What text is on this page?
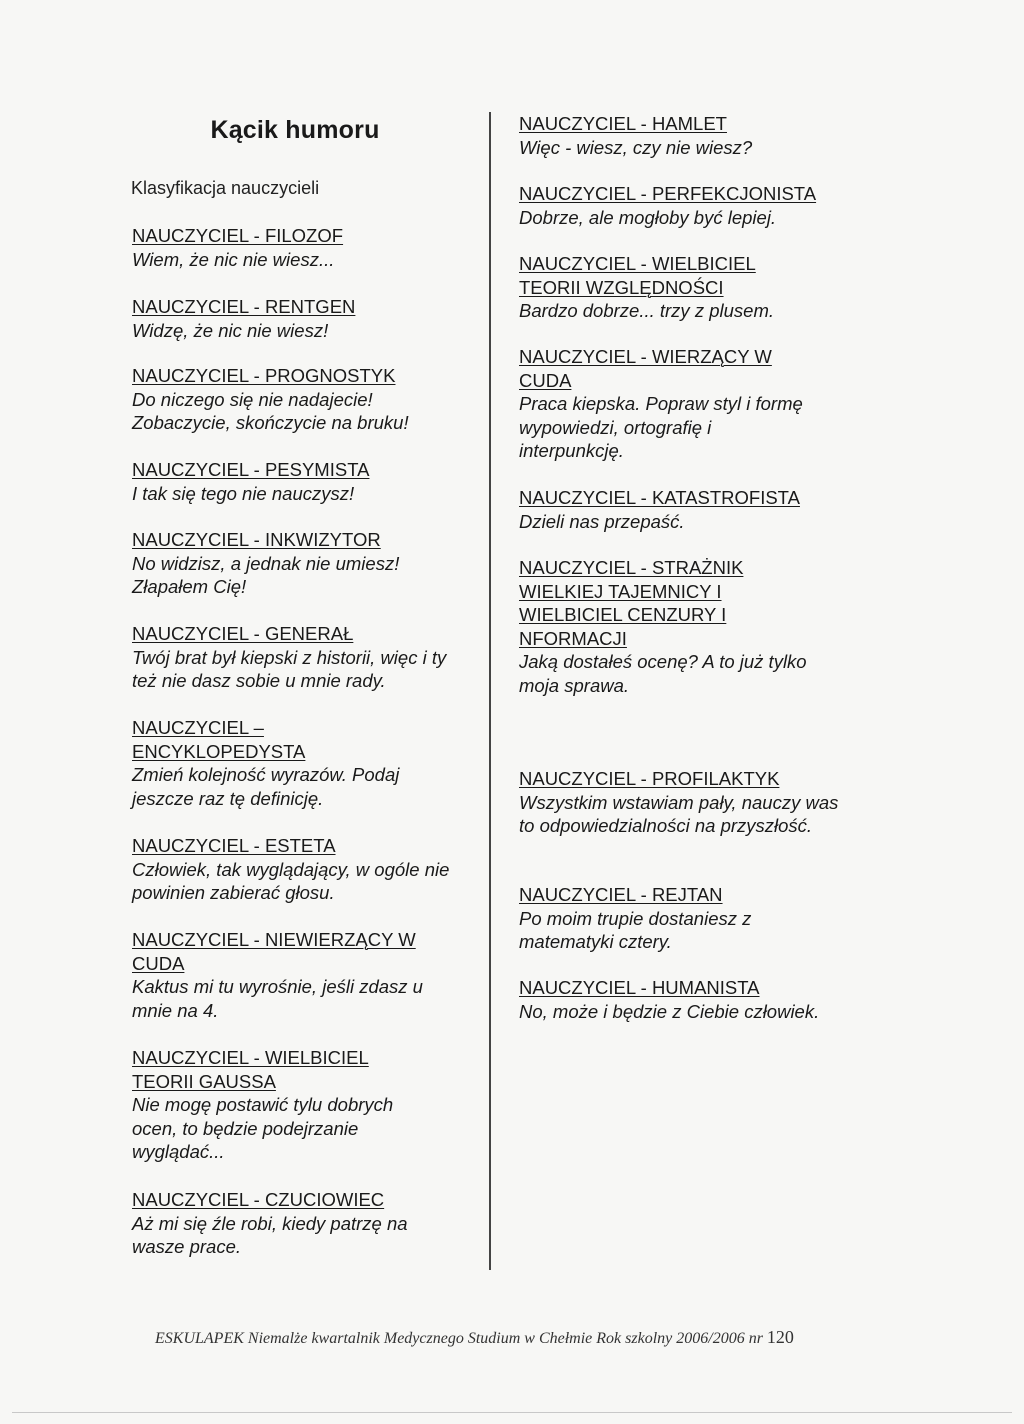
Kącik humoru
Klasyfikacja nauczycieli
NAUCZYCIEL - FILOZOF
Wiem, że nic nie wiesz...
NAUCZYCIEL - RENTGEN
Widzę, że nic nie wiesz!
NAUCZYCIEL - PROGNOSTYK
Do niczego się nie nadajecie! Zobaczycie, skończycie na bruku!
NAUCZYCIEL - PESYMISTA
I tak się tego nie nauczysz!
NAUCZYCIEL - INKWIZYTOR
No widzisz, a jednak nie umiesz! Złapałem Cię!
NAUCZYCIEL - GENERAŁ
Twój brat był kiepski z historii, więc i ty też nie dasz sobie u mnie rady.
NAUCZYCIEL – ENCYKLOPEDYSTA
Zmień kolejność wyrazów. Podaj jeszcze raz tę definicję.
NAUCZYCIEL - ESTETA
Człowiek, tak wyglądający, w ogóle nie powinien zabierać głosu.
NAUCZYCIEL - NIEWIERZĄCY W CUDA
Kaktus mi tu wyrośnie, jeśli zdasz u mnie na 4.
NAUCZYCIEL - WIELBICIEL TEORII GAUSSA
Nie mogę postawić tylu dobrych ocen, to będzie podejrzanie wyglądać...
NAUCZYCIEL - CZUCIOWIEC
Aż mi się źle robi, kiedy patrzę na wasze prace.
NAUCZYCIEL - HAMLET
Więc - wiesz, czy nie wiesz?
NAUCZYCIEL - PERFEKCJONISTA
Dobrze, ale mogłoby być lepiej.
NAUCZYCIEL - WIELBICIEL TEORII WZGLĘDNOŚCI
Bardzo dobrze... trzy z plusem.
NAUCZYCIEL - WIERZĄCY W CUDA
Praca kiepska. Popraw styl i formę wypowiedzi, ortografię i interpunkcję.
NAUCZYCIEL - KATASTROFISTA
Dzieli nas przepaść.
NAUCZYCIEL - STRAŻNIK WIELKIEJ TAJEMNICY I WIELBICIEL CENZURY I NFORMACJI
Jaką dostałeś ocenę? A to już tylko moja sprawa.
NAUCZYCIEL - PROFILAKTYK
Wszystkim wstawiam pały, nauczy was to odpowiedzialności na przyszłość.
NAUCZYCIEL - REJTAN
Po moim trupie dostaniesz z matematyki cztery.
NAUCZYCIEL - HUMANISTA
No, może i będzie z Ciebie człowiek.
ESKULAPEK Niemalże kwartalnik Medycznego Studium w Chełmie Rok szkolny 2006/2006 nr 120
